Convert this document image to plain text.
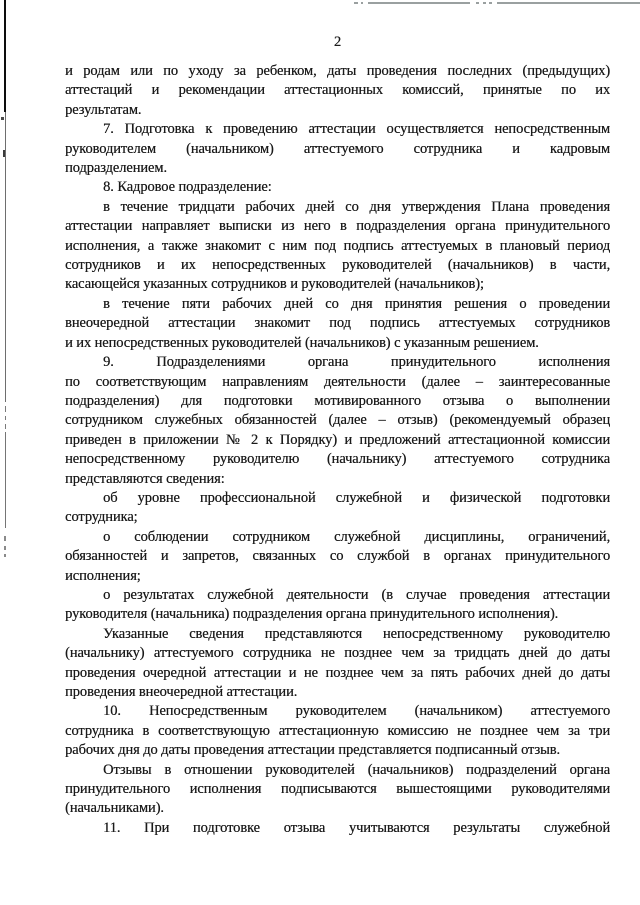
2
и родам или по уходу за ребенком, даты проведения последних (предыдущих)
аттестаций и рекомендации аттестационных комиссий, принятые по их
результатам.
7. Подготовка к проведению аттестации осуществляется непосредственным
руководителем (начальником) аттестуемого сотрудника и кадровым
подразделением.
8. Кадровое подразделение:
в течение тридцати рабочих дней со дня утверждения Плана проведения
аттестации направляет выписки из него в подразделения органа принудительного
исполнения, а также знакомит с ним под подпись аттестуемых в плановый период
сотрудников и их непосредственных руководителей (начальников) в части,
касающейся указанных сотрудников и руководителей (начальников);
в течение пяти рабочих дней со дня принятия решения о проведении
внеочередной аттестации знакомит под подпись аттестуемых сотрудников
и их непосредственных руководителей (начальников) с указанным решением.
9. Подразделениями органа принудительного исполнения
по соответствующим направлениям деятельности (далее – заинтересованные
подразделения) для подготовки мотивированного отзыва о выполнении
сотрудником служебных обязанностей (далее – отзыв) (рекомендуемый образец
приведен в приложении № 2 к Порядку) и предложений аттестационной комиссии
непосредственному руководителю (начальнику) аттестуемого сотрудника
представляются сведения:
об уровне профессиональной служебной и физической подготовки
сотрудника;
о соблюдении сотрудником служебной дисциплины, ограничений,
обязанностей и запретов, связанных со службой в органах принудительного
исполнения;
о результатах служебной деятельности (в случае проведения аттестации
руководителя (начальника) подразделения органа принудительного исполнения).
Указанные сведения представляются непосредственному руководителю
(начальнику) аттестуемого сотрудника не позднее чем за тридцать дней до даты
проведения очередной аттестации и не позднее чем за пять рабочих дней до даты
проведения внеочередной аттестации.
10. Непосредственным руководителем (начальником) аттестуемого
сотрудника в соответствующую аттестационную комиссию не позднее чем за три
рабочих дня до даты проведения аттестации представляется подписанный отзыв.
Отзывы в отношении руководителей (начальников) подразделений органа
принудительного исполнения подписываются вышестоящими руководителями
(начальниками).
11. При подготовке отзыва учитываются результаты служебной
